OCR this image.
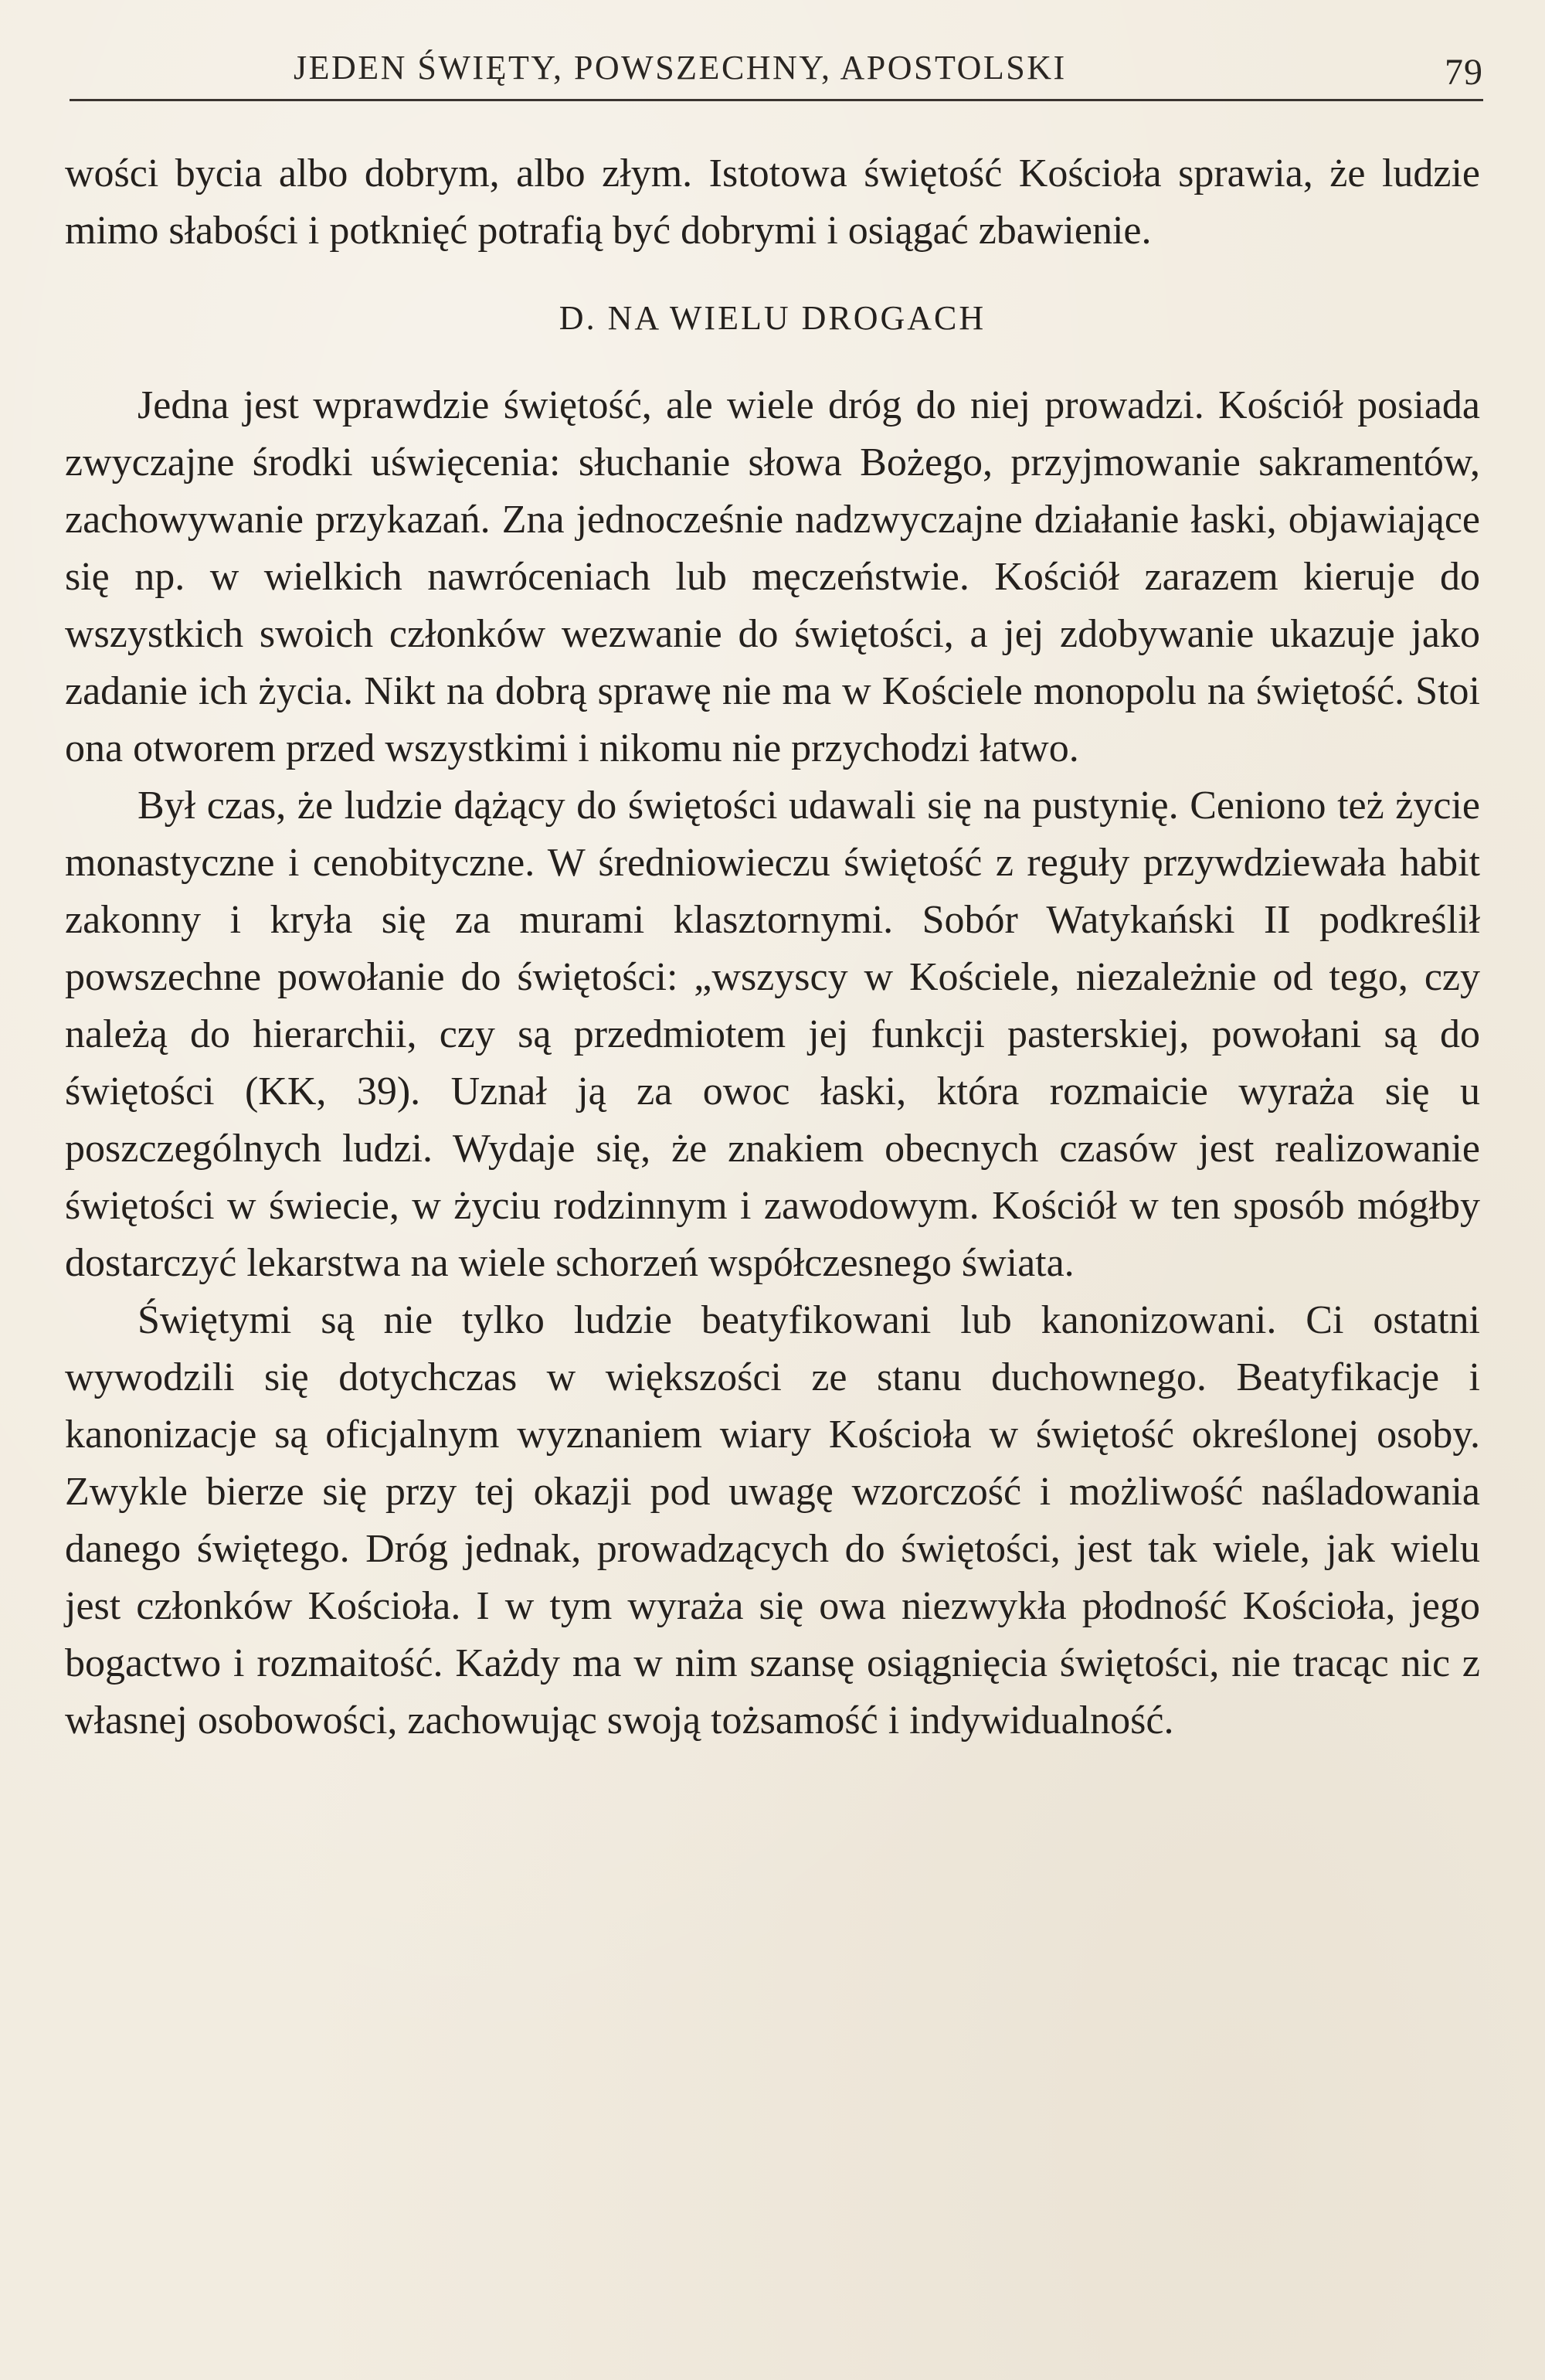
JEDEN ŚWIĘTY, POWSZECHNY, APOSTOLSKI	79

wości bycia albo dobrym, albo złym. Istotowa świętość Kościoła sprawia, że ludzie mimo słabości i potknięć potrafią być dobrymi i osiągać zbawienie.

D. NA WIELU DROGACH

Jedna jest wprawdzie świętość, ale wiele dróg do niej prowadzi. Kościół posiada zwyczajne środki uświęcenia: słuchanie słowa Bożego, przyjmowanie sakramentów, zachowywanie przykazań. Zna jednocześnie nadzwyczajne działanie łaski, objawiające się np. w wielkich nawróceniach lub męczeństwie. Kościół zarazem kieruje do wszystkich swoich członków wezwanie do świętości, a jej zdobywanie ukazuje jako zadanie ich życia. Nikt na dobrą sprawę nie ma w Kościele monopolu na świętość. Stoi ona otworem przed wszystkimi i nikomu nie przychodzi łatwo.

Był czas, że ludzie dążący do świętości udawali się na pustynię. Ceniono też życie monastyczne i cenobityczne. W średniowieczu świętość z reguły przywdziewała habit zakonny i kryła się za murami klasztornymi. Sobór Watykański II podkreślił powszechne powołanie do świętości: „wszyscy w Kościele, niezależnie od tego, czy należą do hierarchii, czy są przedmiotem jej funkcji pasterskiej, powołani są do świętości (KK, 39). Uznał ją za owoc łaski, która rozmaicie wyraża się u poszczególnych ludzi. Wydaje się, że znakiem obecnych czasów jest realizowanie świętości w świecie, w życiu rodzinnym i zawodowym. Kościół w ten sposób mógłby dostarczyć lekarstwa na wiele schorzeń współczesnego świata.

Świętymi są nie tylko ludzie beatyfikowani lub kanonizowani. Ci ostatni wywodzili się dotychczas w większości ze stanu duchownego. Beatyfikacje i kanonizacje są oficjalnym wyznaniem wiary Kościoła w świętość określonej osoby. Zwykle bierze się przy tej okazji pod uwagę wzorczość i możliwość naśladowania danego świętego. Dróg jednak, prowadzących do świętości, jest tak wiele, jak wielu jest członków Kościoła. I w tym wyraża się owa niezwykła płodność Kościoła, jego bogactwo i rozmaitość. Każdy ma w nim szansę osiągnięcia świętości, nie tracąc nic z własnej osobowości, zachowując swoją tożsamość i indywidualność.
